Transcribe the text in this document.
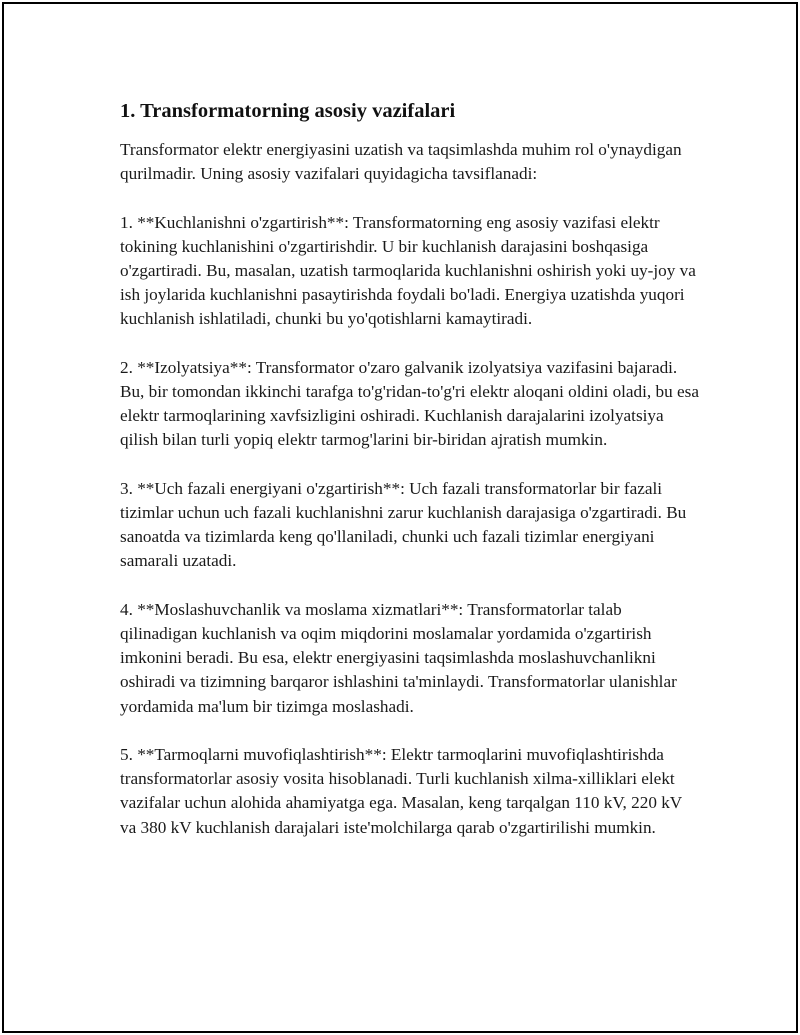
1. Transformatorning asosiy vazifalari

Transformator elektr energiyasini uzatish va taqsimlashda muhim rol o'ynaydigan qurilmadir. Uning asosiy vazifalari quyidagicha tavsiflanadi:

1. **Kuchlanishni o'zgartirish**: Transformatorning eng asosiy vazifasi elektr tokining kuchlanishini o'zgartirishdir. U bir kuchlanish darajasini boshqasiga o'zgartiradi. Bu, masalan, uzatish tarmoqlarida kuchlanishni oshirish yoki uy-joy va ish joylarida kuchlanishni pasaytirishda foydali bo'ladi. Energiya uzatishda yuqori kuchlanish ishlatiladi, chunki bu yo'qotishlarni kamaytiradi.

2. **Izolyatsiya**: Transformator o'zaro galvanik izolyatsiya vazifasini bajaradi. Bu, bir tomondan ikkinchi tarafga to'g'ridan-to'g'ri elektr aloqani oldini oladi, bu esa elektr tarmoqlarining xavfsizligini oshiradi. Kuchlanish darajalarini izolyatsiya qilish bilan turli yopiq elektr tarmog'larini bir-biridan ajratish mumkin.

3. **Uch fazali energiyani o'zgartirish**: Uch fazali transformatorlar bir fazali tizimlar uchun uch fazali kuchlanishni zarur kuchlanish darajasiga o'zgartiradi. Bu sanoatda va tizimlarda keng qo'llaniladi, chunki uch fazali tizimlar energiyani samarali uzatadi.

4. **Moslashuvchanlik va moslama xizmatlari**: Transformatorlar talab qilinadigan kuchlanish va oqim miqdorini moslamalar yordamida o'zgartirish imkonini beradi. Bu esa, elektr energiyasini taqsimlashda moslashuvchanlikni oshiradi va tizimning barqaror ishlashini ta'minlaydi. Transformatorlar ulanishlar yordamida ma'lum bir tizimga moslashadi.

5. **Tarmoqlarni muvofiqlashtirish**: Elektr tarmoqlarini muvofiqlashtirishda transformatorlar asosiy vosita hisoblanadi. Turli kuchlanish xilma-xilliklari elekt vazifalar uchun alohida ahamiyatga ega. Masalan, keng tarqalgan 110 kV, 220 kV va 380 kV kuchlanish darajalari iste'molchilarga qarab o'zgartirilishi mumkin.
